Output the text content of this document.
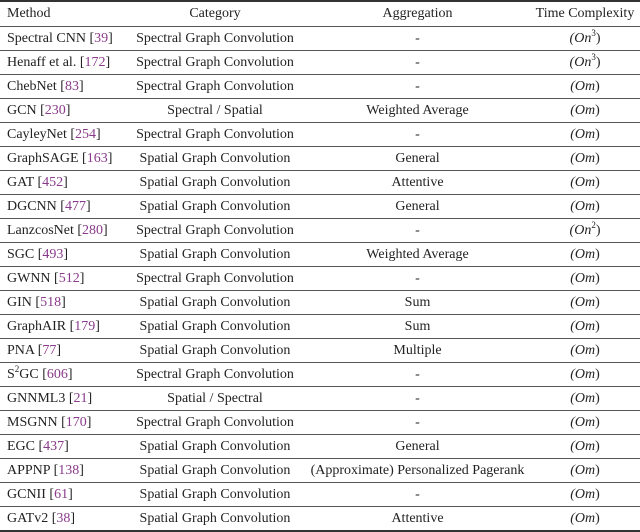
Method	Category	Aggregation	Time Complexity
Spectral CNN [ 39 ]	Spectral Graph Convolution	-	( On$^3$ )
Henaff et al. [ 172 ]	Spectral Graph Convolution	-	( On$^3$ )
ChebNet [ 83 ]	Spectral Graph Convolution	-	( Om )
GCN [ 230 ]	Spectral / Spatial	Weighted Average	( Om )
CayleyNet [ 254 ]	Spectral Graph Convolution	-	( Om )
GraphSAGE [ 163 ]	Spatial Graph Convolution	General	( Om )
GAT [ 452 ]	Spatial Graph Convolution	Attentive	( Om )
DGCNN [ 477 ]	Spatial Graph Convolution	General	( Om )
LanzcosNet [ 280 ]	Spectral Graph Convolution	-	( On$^2$ )
SGC [ 493 ]	Spatial Graph Convolution	Weighted Average	( Om )
GWNN [ 512 ]	Spectral Graph Convolution	-	( Om )
GIN [ 518 ]	Spatial Graph Convolution	Sum	( Om )
GraphAIR [ 179 ]	Spatial Graph Convolution	Sum	( Om )
PNA [ 77 ]	Spatial Graph Convolution	Multiple	( Om )
$S^2GC$ [ 606 ]	Spectral Graph Convolution	-	( Om )
GNNML3 [ 21 ]	Spatial / Spectral	-	( Om )
MSGNN [ 170 ]	Spectral Graph Convolution	-	( Om )
EGC [ 437 ]	Spatial Graph Convolution	General	( Om )
APPNP [ 138 ]	Spatial Graph Convolution	(Approximate) Personalized Pagerank	( Om )
GCNII [ 61 ]	Spatial Graph Convolution	-	( Om )
GATv2 [ 38 ]	Spatial Graph Convolution	Attentive	( Om )
